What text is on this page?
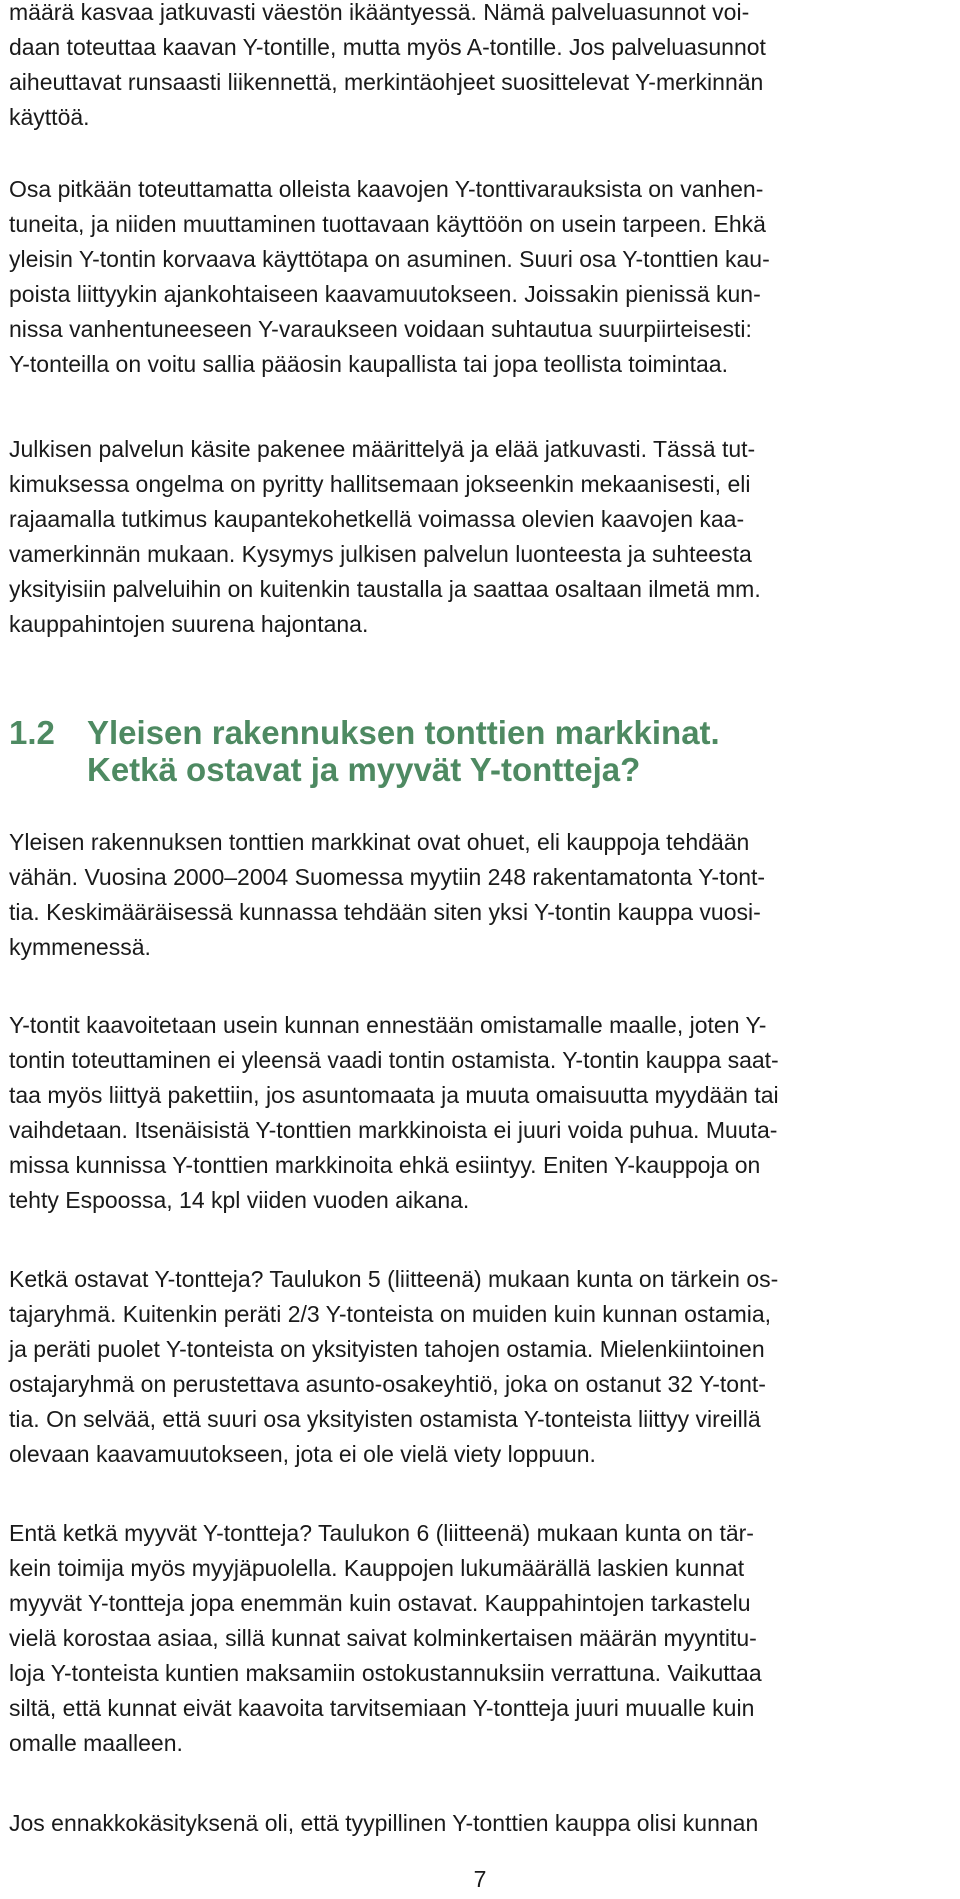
määrä kasvaa jatkuvasti väestön ikääntyessä. Nämä palveluasunnot voi-
daan toteuttaa kaavan Y-tontille, mutta myös A-tontille. Jos palveluasunnot
aiheuttavat runsaasti liikennettä, merkintäohjeet suosittelevat Y-merkinnän
käyttöä.

Osa pitkään toteuttamatta olleista kaavojen Y-tonttivarauksista on vanhen-
tuneita, ja niiden muuttaminen tuottavaan käyttöön on usein tarpeen. Ehkä
yleisin Y-tontin korvaava käyttötapa on asuminen. Suuri osa Y-tonttien kau-
poista liittyykin ajankohtaiseen kaavamuutokseen. Joissakin pienissä kun-
nissa vanhentuneeseen Y-varaukseen voidaan suhtautua suurpiirteisesti:
Y-tonteilla on voitu sallia pääosin kaupallista tai jopa teollista toimintaa.

Julkisen palvelun käsite pakenee määrittelyä ja elää jatkuvasti. Tässä tut-
kimuksessa ongelma on pyritty hallitsemaan jokseenkin mekaanisesti, eli
rajaamalla tutkimus kaupantekohetkellä voimassa olevien kaavojen kaa-
vamerkinnän mukaan. Kysymys julkisen palvelun luonteesta ja suhteesta
yksityisiin palveluihin on kuitenkin taustalla ja saattaa osaltaan ilmetä mm.
kauppahintojen suurena hajontana.

1.2 Yleisen rakennuksen tonttien markkinat.
Ketkä ostavat ja myyvät Y-tontteja?

Yleisen rakennuksen tonttien markkinat ovat ohuet, eli kauppoja tehdään
vähän. Vuosina 2000–2004 Suomessa myytiin 248 rakentamatonta Y-tont-
tia. Keskimääräisessä kunnassa tehdään siten yksi Y-tontin kauppa vuosi-
kymmenessä.

Y-tontit kaavoitetaan usein kunnan ennestään omistamalle maalle, joten Y-
tontin toteuttaminen ei yleensä vaadi tontin ostamista. Y-tontin kauppa saat-
taa myös liittyä pakettiin, jos asuntomaata ja muuta omaisuutta myydään tai
vaihdetaan. Itsenäisistä Y-tonttien markkinoista ei juuri voida puhua. Muuta-
missa kunnissa Y-tonttien markkinoita ehkä esiintyy. Eniten Y-kauppoja on
tehty Espoossa, 14 kpl viiden vuoden aikana.

Ketkä ostavat Y-tontteja? Taulukon 5 (liitteenä) mukaan kunta on tärkein os-
tajaryhmä. Kuitenkin peräti 2/3 Y-tonteista on muiden kuin kunnan ostamia,
ja peräti puolet Y-tonteista on yksityisten tahojen ostamia. Mielenkiintoinen
ostajaryhmä on perustettava asunto-osakeyhtiö, joka on ostanut 32 Y-tont-
tia. On selvää, että suuri osa yksityisten ostamista Y-tonteista liittyy vireillä
olevaan kaavamuutokseen, jota ei ole vielä viety loppuun.

Entä ketkä myyvät Y-tontteja? Taulukon 6 (liitteenä) mukaan kunta on tär-
kein toimija myös myyjäpuolella. Kauppojen lukumäärällä laskien kunnat
myyvät Y-tontteja jopa enemmän kuin ostavat. Kauppahintojen tarkastelu
vielä korostaa asiaa, sillä kunnat saivat kolminkertaisen määrän myyntitu-
loja Y-tonteista kuntien maksamiin ostokustannuksiin verrattuna. Vaikuttaa
siltä, että kunnat eivät kaavoita tarvitsemiaan Y-tontteja juuri muualle kuin
omalle maalleen.

Jos ennakkokäsityksenä oli, että tyypillinen Y-tonttien kauppa olisi kunnan

7
